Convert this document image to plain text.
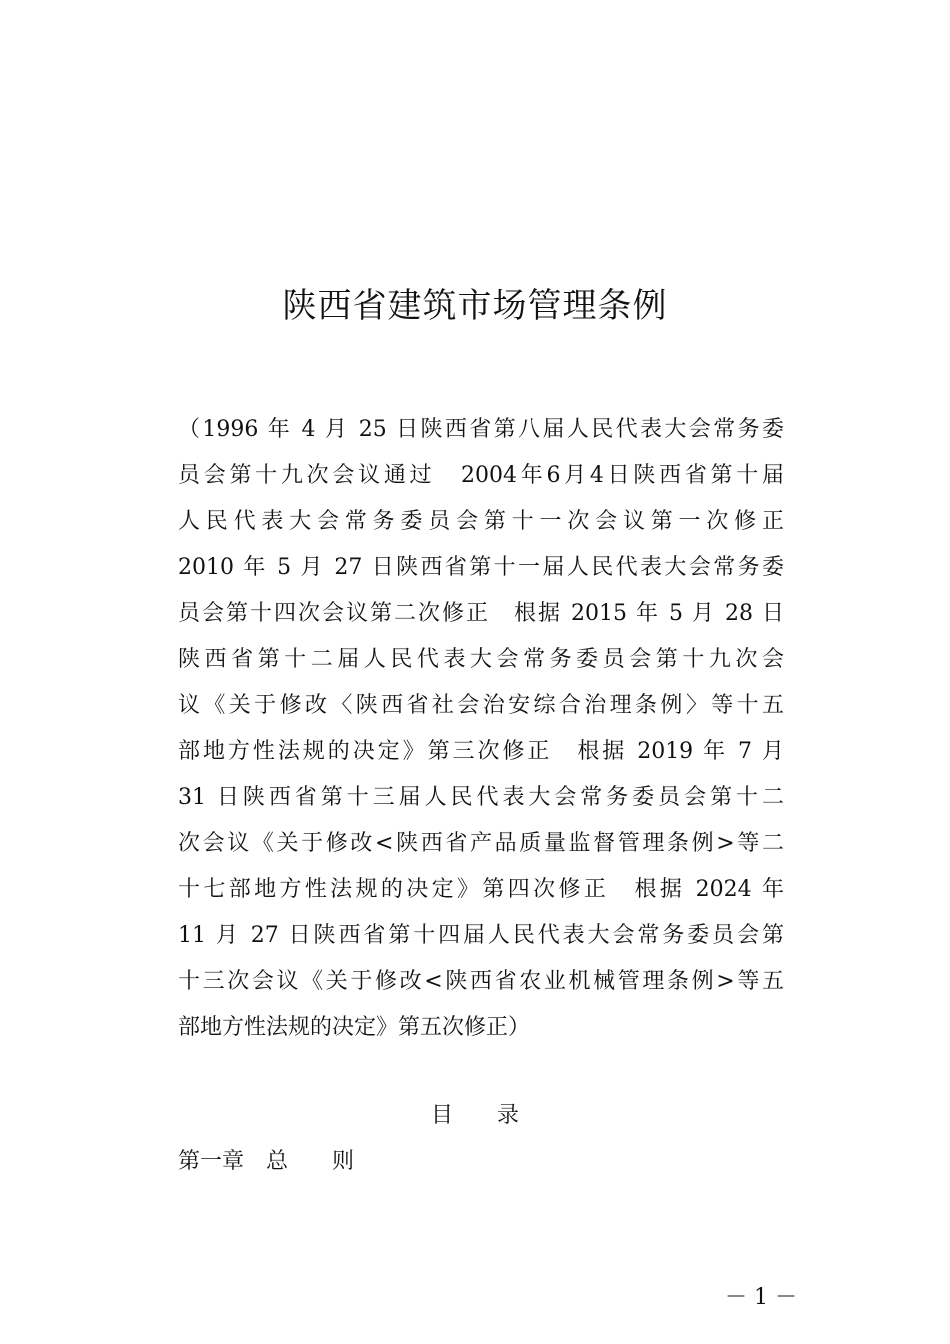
陕西省建筑市场管理条例
（1996 年 4 月 25 日陕西省第八届人民代表大会常务委
员会第十九次会议通过　2004年6月4日陕西省第十届
人民代表大会常务委员会第十一次会议第一次修正
2010 年 5 月 27 日陕西省第十一届人民代表大会常务委
员会第十四次会议第二次修正　根据 2015 年 5 月 28 日
陕西省第十二届人民代表大会常务委员会第十九次会
议《关于修改〈陕西省社会治安综合治理条例〉等十五
部地方性法规的决定》第三次修正　根据 2019 年 7 月
31 日陕西省第十三届人民代表大会常务委员会第十二
次会议《关于修改<陕西省产品质量监督管理条例>等二
十七部地方性法规的决定》第四次修正　根据 2024 年
11 月 27 日陕西省第十四届人民代表大会常务委员会第
十三次会议《关于修改<陕西省农业机械管理条例>等五
部地方性法规的决定》第五次修正）
目　　录
第一章　总　　则
－ 1 －
